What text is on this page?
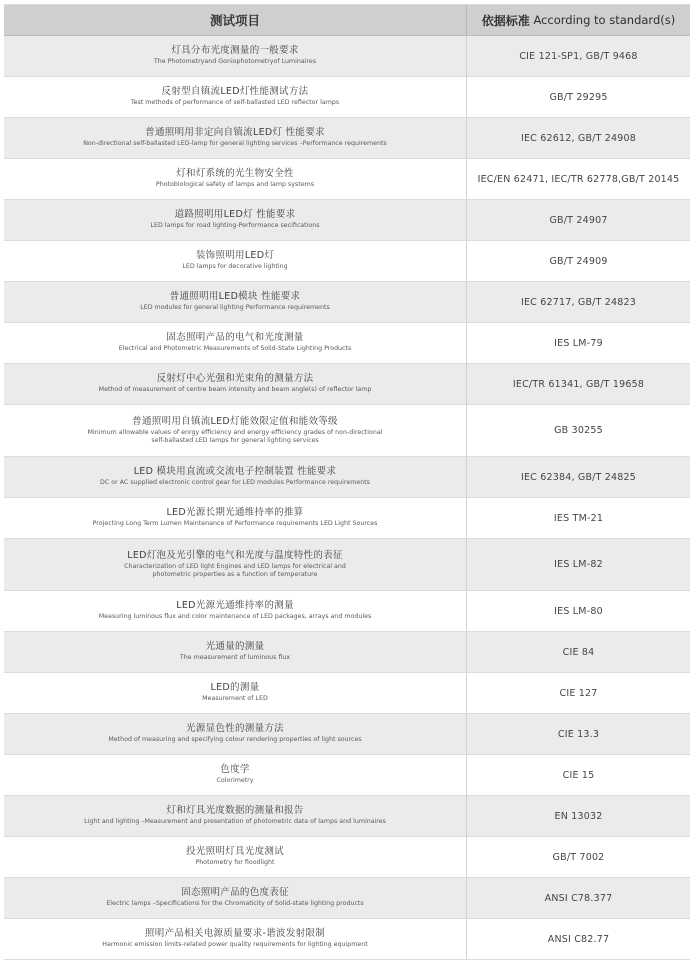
测试项目	依据标准
According to standard(s)
灯具分布光度测量的一般要求
The Photometryand Goniophotometryof Luminaires
CIE 121-SP1, GB/T 9468
反射型自镇流LED灯性能测试方法
Test methods of performance of self-ballasted LED reflector lamps
GB/T 29295
普通照明用非定向自镇流LED灯 性能要求
Non-directional self-ballasted LED-lamp for general lighting services –Performance requirements
IEC 62612, GB/T 24908
灯和灯系统的光生物安全性
Photobiological safety of lamps and lamp systems
IEC/EN 62471, IEC/TR 62778,GB/T 20145
道路照明用LED灯 性能要求
LED lamps for road lighting-Performance secifications
GB/T 24907
装饰照明用LED灯
LED lamps for decorative lighting
GB/T 24909
普通照明用LED模块 性能要求
LED modules for general lighting Performance requirements
IEC 62717, GB/T 24823
固态照明产品的电气和光度测量
Electrical and Photometric Measurements of Solid-State Lighting Products
IES LM-79
反射灯中心光强和光束角的测量方法
Method of measurement of centre beam intensity and beam angle(s) of reflector lamp
IEC/TR 61341, GB/T 19658
普通照明用自镇流LED灯能效限定值和能效等级
Minimum allowable values of enrgy efficiency and energy efficiency grades of non-directional
self-ballasted LED lamps for general lighting services
GB 30255
LED 模块用直流或交流电子控制装置 性能要求
DC or AC supplied electronic control gear for LED modules Performance requirements
IEC 62384, GB/T 24825
LED光源长期光通维持率的推算
Projecting Long Term Lumen Maintenance of Performance requirements LED Light Sources
IES TM-21
LED灯泡及光引擎的电气和光度与温度特性的表征
Characterization of LED light Engines and LED lamps for electrical and
photometric properties as a function of temperature
IES LM-82
LED光源光通维持率的测量
Measuring luminous flux and color maintenance of LED packages, arrays and modules
IES LM-80
光通量的测量
The measurement of luminous flux
CIE 84
LED的测量
Measurement of LED
CIE 127
光源显色性的测量方法
Method of measuring and specifying colour rendering properties of light sources
CIE 13.3
色度学
Colorimetry
CIE 15
灯和灯具光度数据的测量和报告
Light and lighting –Measurement and presentation of photometric data of lamps and luminaires
EN 13032
投光照明灯具光度测试
Photometry for floodlight
GB/T 7002
固态照明产品的色度表征
Electric lamps –Specifications for the Chromaticity of Solid-state lighting products
ANSI C78.377
照明产品相关电源质量要求-谐波发射限制
Harmonic emission limits-related power quality requirements for lighting equipment
ANSI C82.77
